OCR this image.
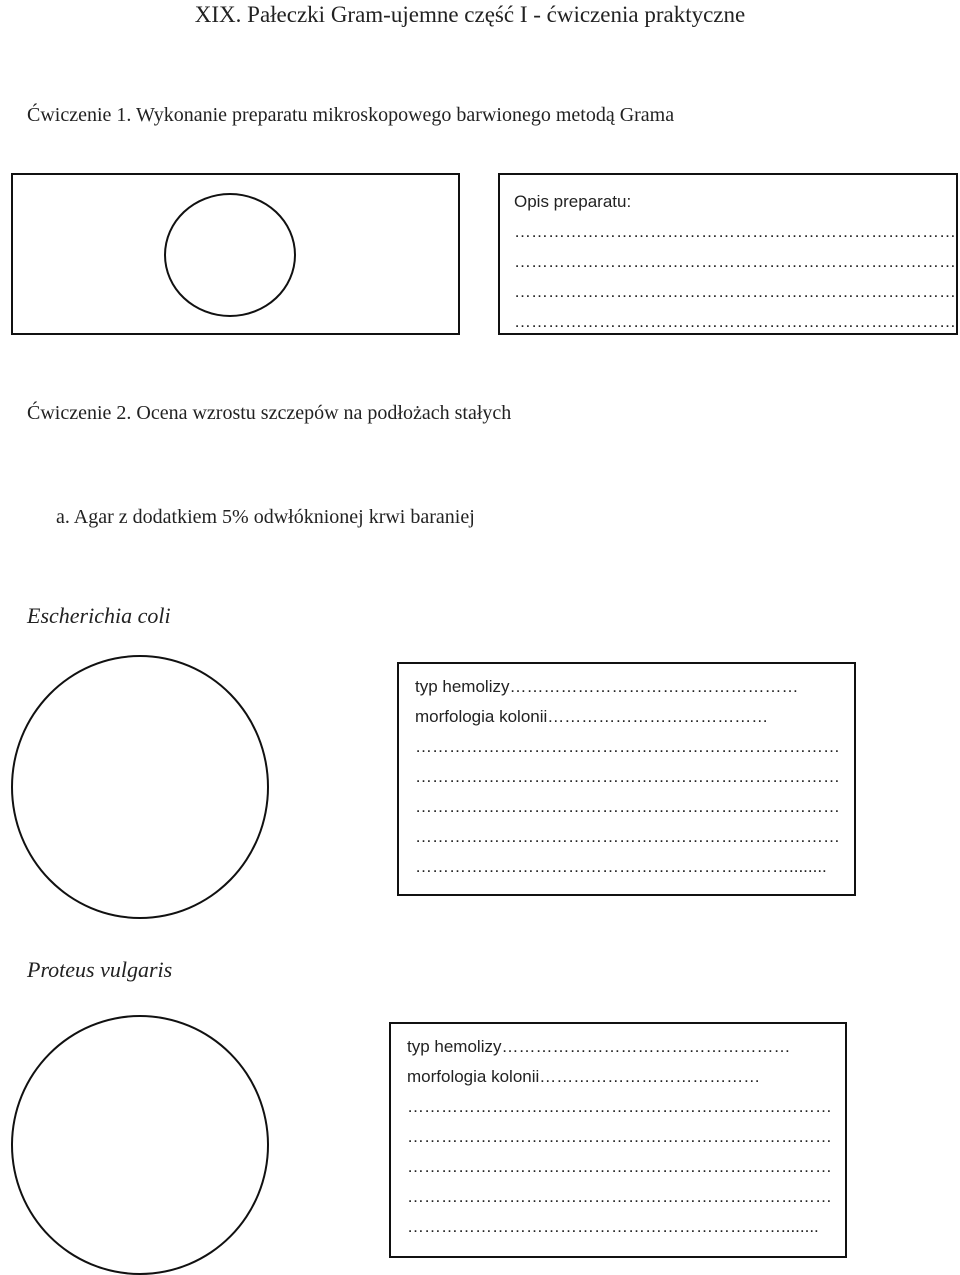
XIX. Pałeczki Gram-ujemne część I - ćwiczenia praktyczne
Ćwiczenie 1. Wykonanie preparatu mikroskopowego barwionego metodą Grama
Opis preparatu:
……………………………………………………………………
……………………………………………………………………
……………………………………………………………………
……………………………………………………………………
Ćwiczenie 2. Ocena wzrostu szczepów na podłożach stałych
a. Agar z dodatkiem 5% odwłóknionej krwi baraniej
Escherichia coli
typ hemolizy……………………………………………
morfologia kolonii…………………………………
…………………………………………………………………
…………………………………………………………………
…………………………………………………………………
…………………………………………………………………
…………………………………………………………........
Proteus vulgaris
typ hemolizy……………………………………………
morfologia kolonii…………………………………
…………………………………………………………………
…………………………………………………………………
…………………………………………………………………
…………………………………………………………………
…………………………………………………………........
